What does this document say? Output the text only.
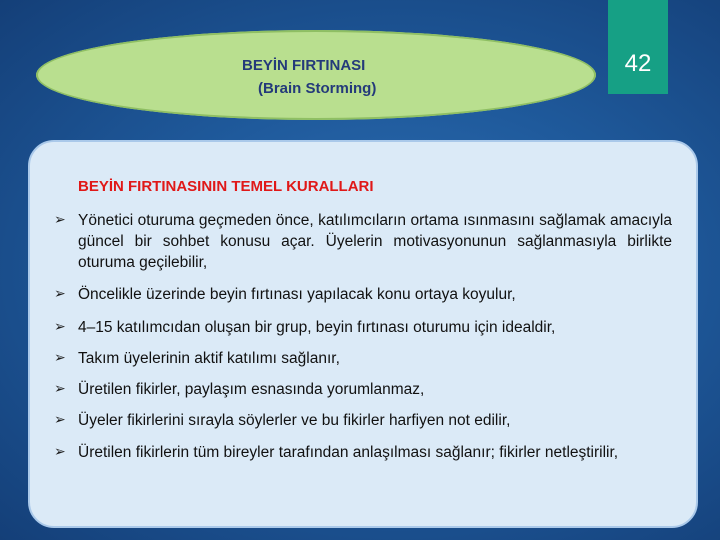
BEYİN FIRTINASI
(Brain Storming)
42
BEYİN FIRTINASININ TEMEL KURALLARI
➢ Yönetici oturuma geçmeden önce, katılımcıların ortama ısınmasını sağlamak amacıyla güncel bir sohbet konusu açar. Üyelerin motivasyonunun sağlanmasıyla birlikte oturuma geçilebilir,
➢ Öncelikle üzerinde beyin fırtınası yapılacak konu ortaya koyulur,
➢ 4–15 katılımcıdan oluşan bir grup, beyin fırtınası oturumu için idealdir,
➢ Takım üyelerinin aktif katılımı sağlanır,
➢ Üretilen fikirler, paylaşım esnasında yorumlanmaz,
➢ Üyeler fikirlerini sırayla söylerler ve bu fikirler harfiyen not edilir,
➢ Üretilen fikirlerin tüm bireyler tarafından anlaşılması sağlanır; fikirler netleştirilir,
